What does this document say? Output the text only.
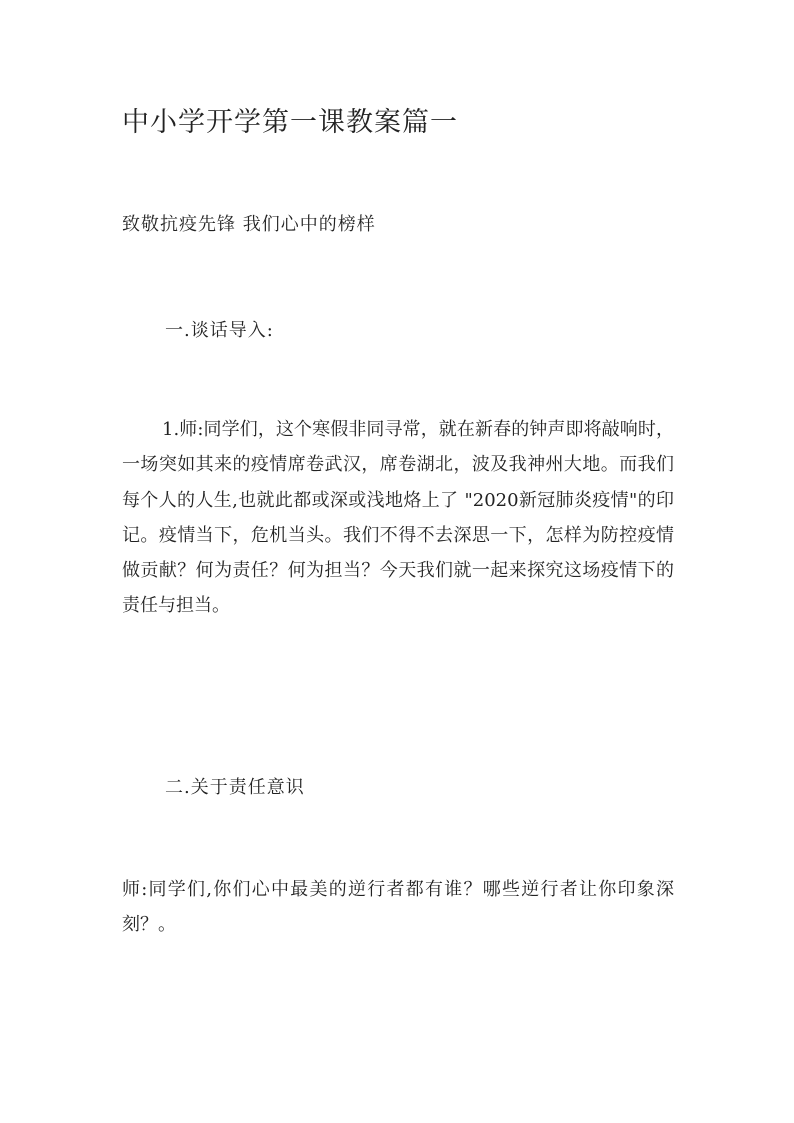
中小学开学第一课教案篇一
致敬抗疫先锋 我们心中的榜样
一.谈话导入:
1.师:同学们，这个寒假非同寻常，就在新春的钟声即将敲响时，一场突如其来的疫情席卷武汉，席卷湖北，波及我神州大地。而我们每个人的人生,也就此都或深或浅地烙上了 "2020新冠肺炎疫情"的印记。疫情当下，危机当头。我们不得不去深思一下，怎样为防控疫情做贡献？何为责任？何为担当？今天我们就一起来探究这场疫情下的责任与担当。
二.关于责任意识
师:同学们,你们心中最美的逆行者都有谁？哪些逆行者让你印象深刻？。
